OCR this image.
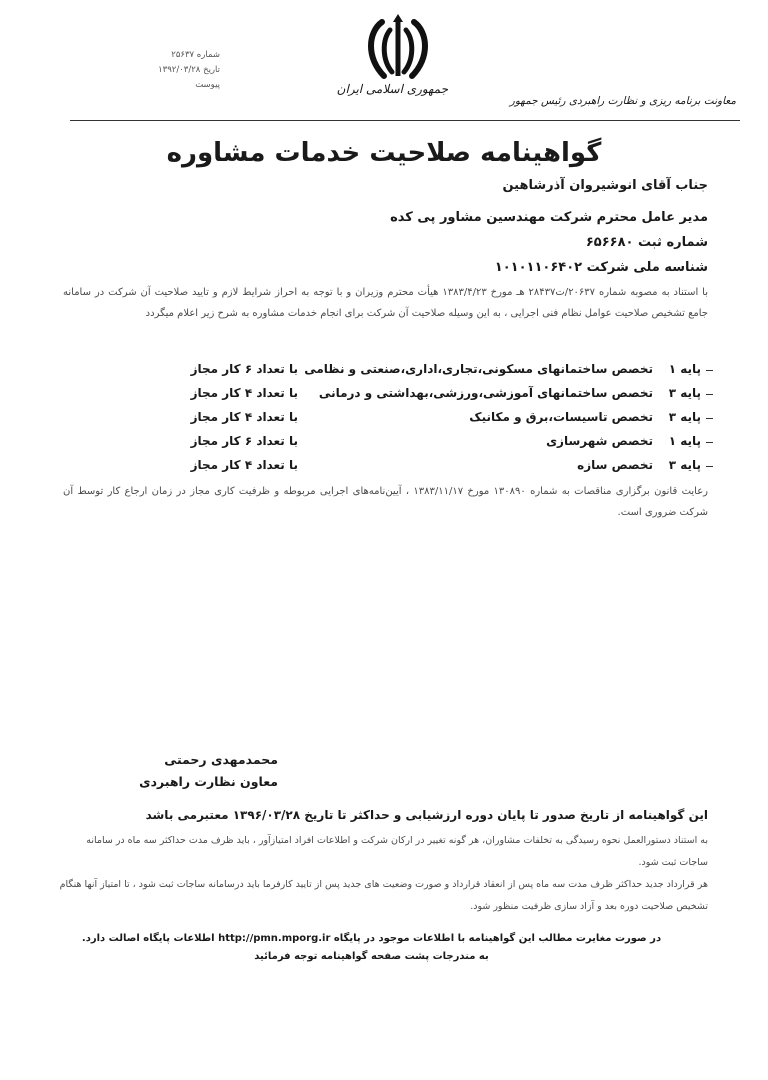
جمهوری اسلامی ایران
شماره ۲۵۶۳۷
تاریخ ۱۳۹۲/۰۳/۲۸
پیوست
معاونت برنامه ریزی و نظارت راهبردی رئیس جمهور
گواهینامه صلاحیت خدمات مشاوره
جناب آقای انوشیروان آذرشاهین
مدیر عامل محترم شرکت مهندسین مشاور پی کده
شماره ثبت ۶۵۶۶۸۰
شناسه ملی شرکت ۱۰۱۰۱۱۰۶۴۰۲
با استناد به مصوبه شماره ۲۰۶۳۷/ت۲۸۴۳۷ هـ مورخ ۱۳۸۳/۴/۲۳ هیأت محترم وزیران و با توجه به احراز شرایط لازم و تایید صلاحیت آن شرکت در سامانه جامع تشخیص صلاحیت عوامل نظام فنی اجرایی ، به این وسیله صلاحیت آن شرکت برای انجام خدمات مشاوره به شرح زیر اعلام میگردد
پایه ۱
تخصص ساختمانهای مسکونی،تجاری،اداری،صنعتی و نظامی
با تعداد ۶ کار مجاز
پایه ۳
تخصص ساختمانهای آموزشی،ورزشی،بهداشتی و درمانی
با تعداد ۴ کار مجاز
پایه ۳
تخصص تاسیسات،برق و مکانیک
با تعداد ۴ کار مجاز
پایه ۱
تخصص شهرسازی
با تعداد ۶ کار مجاز
پایه ۳
تخصص سازه
با تعداد ۴ کار مجاز
رعایت قانون برگزاری مناقصات به شماره ۱۳۰۸۹۰ مورخ ۱۳۸۳/۱۱/۱۷ ، آیین‌نامه‌های اجرایی مربوطه و ظرفیت کاری مجاز در زمان ارجاع کار توسط آن شرکت ضروری است.
محمدمهدی رحمتی
معاون نظارت راهبردی
این گواهینامه از تاریخ صدور تا پایان دوره ارزشیابی و حداکثر تا تاریخ ۱۳۹۶/۰۳/۲۸ معتبرمی باشد
به استناد دستورالعمل نحوه رسیدگی به تخلفات مشاوران، هر گونه تغییر در ارکان شرکت و اطلاعات افراد امتیازآور ، باید ظرف مدت حداکثر سه ماه در سامانه ساجات ثبت شود.
هر قرارداد جدید حداکثر ظرف مدت سه ماه پس از انعقاد قرارداد و صورت وضعیت های جدید پس از تایید کارفرما باید درسامانه ساجات ثبت شود ، تا امتیاز آنها هنگام تشخیص صلاحیت دوره بعد و آزاد سازی ظرفیت منظور شود.
در صورت مغایرت مطالب این گواهینامه با اطلاعات موجود در پایگاه http://pmn.mporg.ir اطلاعات پایگاه اصالت دارد.
به مندرجات پشت صفحه گواهینامه توجه فرمائید
